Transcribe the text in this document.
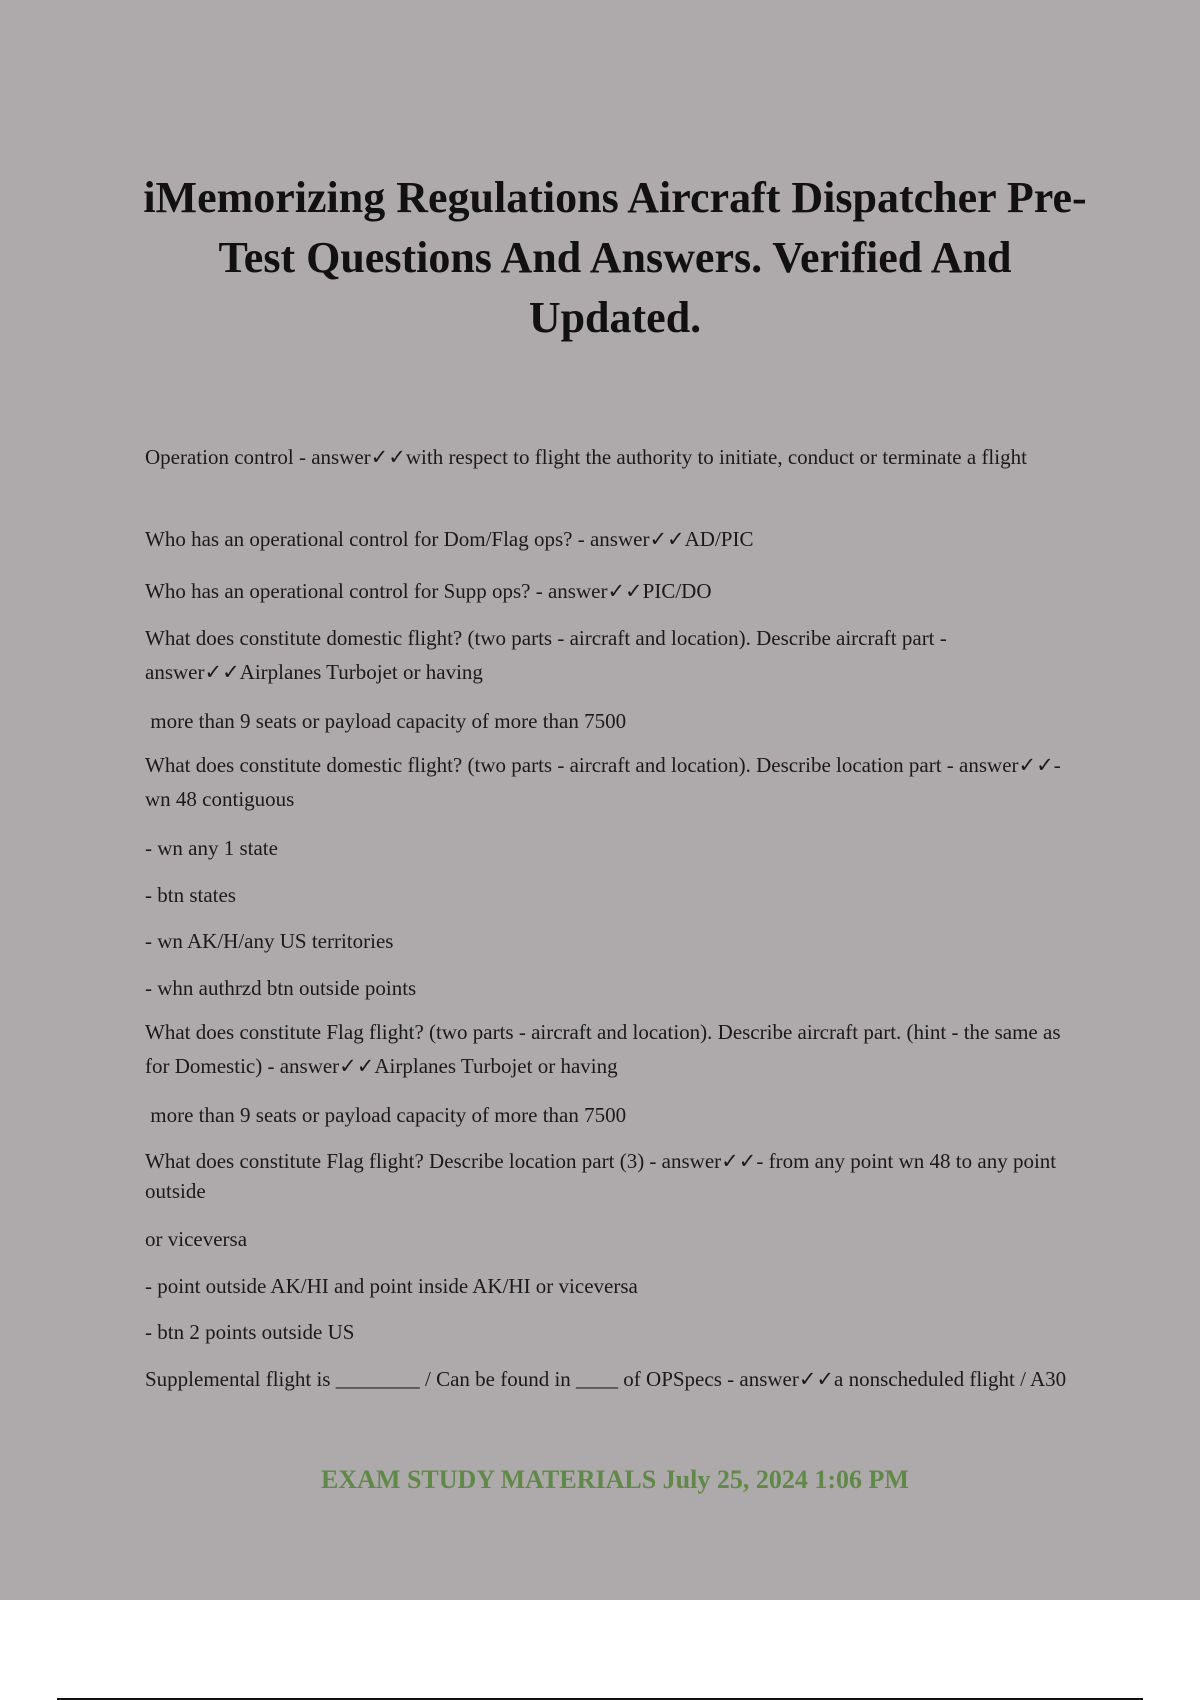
iMemorizing Regulations Aircraft Dispatcher Pre-Test Questions And Answers. Verified And Updated.

Operation control - answer✓✓with respect to flight the authority to initiate, conduct or terminate a flight

Who has an operational control for Dom/Flag ops? - answer✓✓AD/PIC

Who has an operational control for Supp ops? - answer✓✓PIC/DO

What does constitute domestic flight? (two parts - aircraft and location). Describe aircraft part - answer✓✓Airplanes Turbojet or having

more than 9 seats or payload capacity of more than 7500

What does constitute domestic flight? (two parts - aircraft and location). Describe location part - answer✓✓- wn 48 contiguous

- wn any 1 state

- btn states

- wn AK/H/any US territories

- whn authrzd btn outside points

What does constitute Flag flight? (two parts - aircraft and location). Describe aircraft part. (hint - the same as for Domestic) - answer✓✓Airplanes Turbojet or having

more than 9 seats or payload capacity of more than 7500

What does constitute Flag flight? Describe location part (3) - answer✓✓- from any point wn 48 to any point outside

or viceversa

- point outside AK/HI and point inside AK/HI or viceversa

- btn 2 points outside US

Supplemental flight is ________ / Can be found in ____ of OPSpecs - answer✓✓a nonscheduled flight / A30

EXAM STUDY MATERIALS July 25, 2024 1:06 PM
